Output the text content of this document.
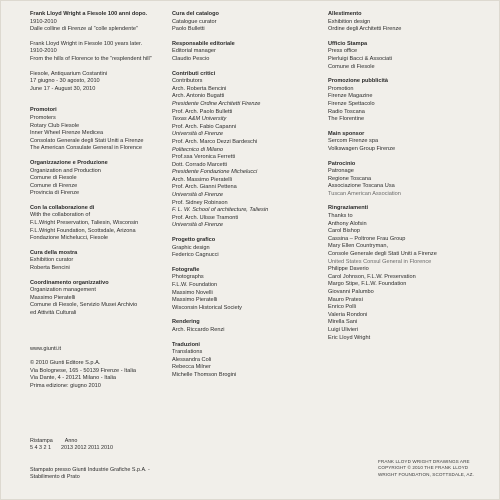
Frank Lloyd Wright a Fiesole 100 anni dopo.
1910-2010
Dalle colline di Firenze al “colle splendente”
Frank Lloyd Wright in Fiesole 100 years later.
1910-2010
From the hills of Florence to the “resplendent hill”
Fiesole, Antiquarium Costantini
17 giugno - 30 agosto, 2010
June 17 - August 30, 2010
Promotori
Promoters
Rotary Club Fiesole
Inner Wheel Firenze Medicea
Consolato Generale degli Stati Uniti a Firenze
The American Consulate General in Florence
Organizzazione e Produzione
Organization and Production
Comune di Fiesole
Comune di Firenze
Provincia di Firenze
Con la collaborazione di
With the collaboration of
F.L.Wright Preservation, Taliesin, Wisconsin
F.L.Wright Foundation, Scottsdale, Arizona
Fondazione Michelucci, Fiesole
Cura della mostra
Exhibition curator
Roberta Bencini
Coordinamento organizzativo
Organization management
Massimo Pieratelli
Comune di Fiesole, Servizio Musei Archivio
ed Attività Culturali
www.giunti.it
© 2010 Giunti Editore S.p.A.
Via Bolognese, 165 - 50139 Firenze - Italia
Via Dante, 4 - 20121 Milano - Italia
Prima edizione: giugno 2010
Ristampa Anno
5 4 3 2 1 2013 2012 2011 2010
Stampato presso Giunti Industrie Grafiche S.p.A. -
Stabilimento di Prato
Cura del catalogo
Catalogue curator
Paolo Bulletti
Responsabile editoriale
Editorial manager
Claudio Pescio
Contributi critici
Contributors
Arch. Roberta Bencini
Arch. Antonio Bugatti
Presidente Ordine Architetti Firenze
Prof. Arch. Paolo Bulletti
Texas A&M University
Prof. Arch. Fabio Capanni
Università di Firenze
Prof. Arch. Marco Dezzi Bardeschi
Politecnico di Milano
Prof.ssa Veronica Ferretti
Dott. Corrado Marcetti
Presidente Fondazione Michelucci
Arch. Massimo Pieratelli
Prof. Arch. Gianni Pettena
Università di Firenze
Prof. Sidney Robinson
F. L. W. School of architecture, Taliesin
Prof. Arch. Ulisse Tramonti
Università di Firenze
Progetto grafico
Graphic design
Federico Cagnucci
Fotografie
Photographs
F.L.W. Foundation
Massimo Novelli
Massimo Pieratelli
Wisconsin Historical Society
Rendering
Arch. Riccardo Renzi
Traduzioni
Translations
Alessandra Coli
Rebecca Milner
Michelle Thomson Brogini
Allestimento
Exhibition design
Ordine degli Architetti Firenze
Ufficio Stampa
Press office
Pierluigi Bacci & Associati
Comune di Fiesole
Promozione pubblicità
Promotion
Firenze Magazine
Firenze Spettacolo
Radio Toscana
The Florentine
Main sponsor
Sercom Firenze spa
Volkswagen Group Firenze
Patrocinio
Patronage
Regione Toscana
Associazione Toscana Usa
Tuscan American Association
Ringraziamenti
Thanks to
Anthony Alofsin
Carol Bishop
Cassina – Poltrone Frau Group
Mary Ellen Countryman,
Console Generale degli Stati Uniti a Firenze
United States Consul General in Florence
Philippe Daverio
Carol Johnson, F.L.W. Preservation
Margo Stipe, F.L.W. Foundation
Giovanni Palumbo
Mauro Pratesi
Enrico Polli
Valeria Rondoni
Mirella Sani
Luigi Ulivieri
Eric Lloyd Wright
FRANK LLOYD WRIGHT DRAWINGS ARE
COPYRIGHT © 2010 THE FRANK LLOYD
WRIGHT FOUNDATION, SCOTTSDALE, AZ.
